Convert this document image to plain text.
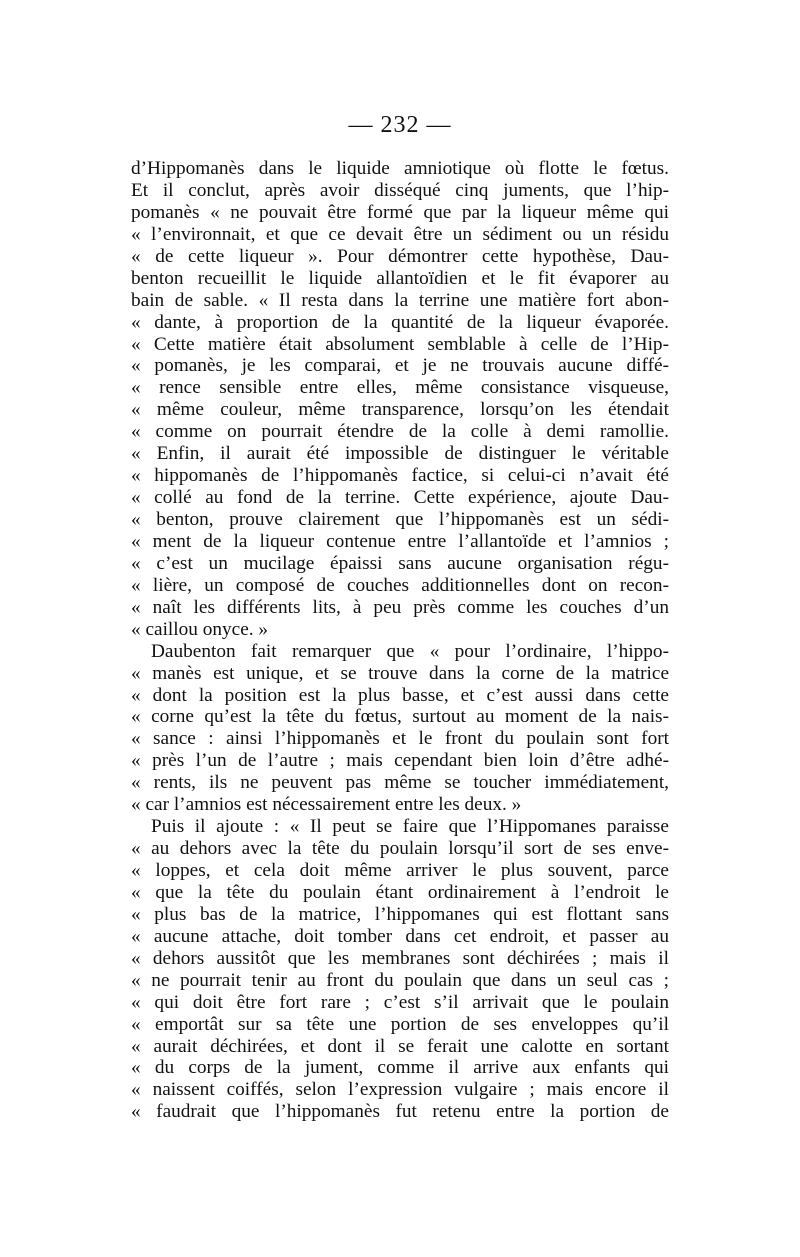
— 232 —
d’Hippomanès dans le liquide amniotique où flotte le fœtus.
Et il conclut, après avoir disséqué cinq juments, que l’hip-
pomanès « ne pouvait être formé que par la liqueur même qui
« l’environnait, et que ce devait être un sédiment ou un résidu
« de cette liqueur ». Pour démontrer cette hypothèse, Dau-
benton recueillit le liquide allantoïdien et le fit évaporer au
bain de sable. « Il resta dans la terrine une matière fort abon-
« dante, à proportion de la quantité de la liqueur évaporée.
« Cette matière était absolument semblable à celle de l’Hip-
« pomanès, je les comparai, et je ne trouvais aucune diffé-
« rence sensible entre elles, même consistance visqueuse,
« même couleur, même transparence, lorsqu’on les étendait
« comme on pourrait étendre de la colle à demi ramollie.
« Enfin, il aurait été impossible de distinguer le véritable
« hippomanès de l’hippomanès factice, si celui-ci n’avait été
« collé au fond de la terrine. Cette expérience, ajoute Dau-
« benton, prouve clairement que l’hippomanès est un sédi-
« ment de la liqueur contenue entre l’allantoïde et l’amnios ;
« c’est un mucilage épaissi sans aucune organisation régu-
« lière, un composé de couches additionnelles dont on recon-
« naît les différents lits, à peu près comme les couches d’un
« caillou onyce. »
Daubenton fait remarquer que « pour l’ordinaire, l’hippo-
« manès est unique, et se trouve dans la corne de la matrice
« dont la position est la plus basse, et c’est aussi dans cette
« corne qu’est la tête du fœtus, surtout au moment de la nais-
« sance : ainsi l’hippomanès et le front du poulain sont fort
« près l’un de l’autre ; mais cependant bien loin d’être adhé-
« rents, ils ne peuvent pas même se toucher immédiatement,
« car l’amnios est nécessairement entre les deux. »
Puis il ajoute : « Il peut se faire que l’Hippomanes paraisse
« au dehors avec la tête du poulain lorsqu’il sort de ses enve-
« loppes, et cela doit même arriver le plus souvent, parce
« que la tête du poulain étant ordinairement à l’endroit le
« plus bas de la matrice, l’hippomanes qui est flottant sans
« aucune attache, doit tomber dans cet endroit, et passer au
« dehors aussitôt que les membranes sont déchirées ; mais il
« ne pourrait tenir au front du poulain que dans un seul cas ;
« qui doit être fort rare ; c’est s’il arrivait que le poulain
« emportât sur sa tête une portion de ses enveloppes qu’il
« aurait déchirées, et dont il se ferait une calotte en sortant
« du corps de la jument, comme il arrive aux enfants qui
« naissent coiffés, selon l’expression vulgaire ; mais encore il
« faudrait que l’hippomanès fut retenu entre la portion de
